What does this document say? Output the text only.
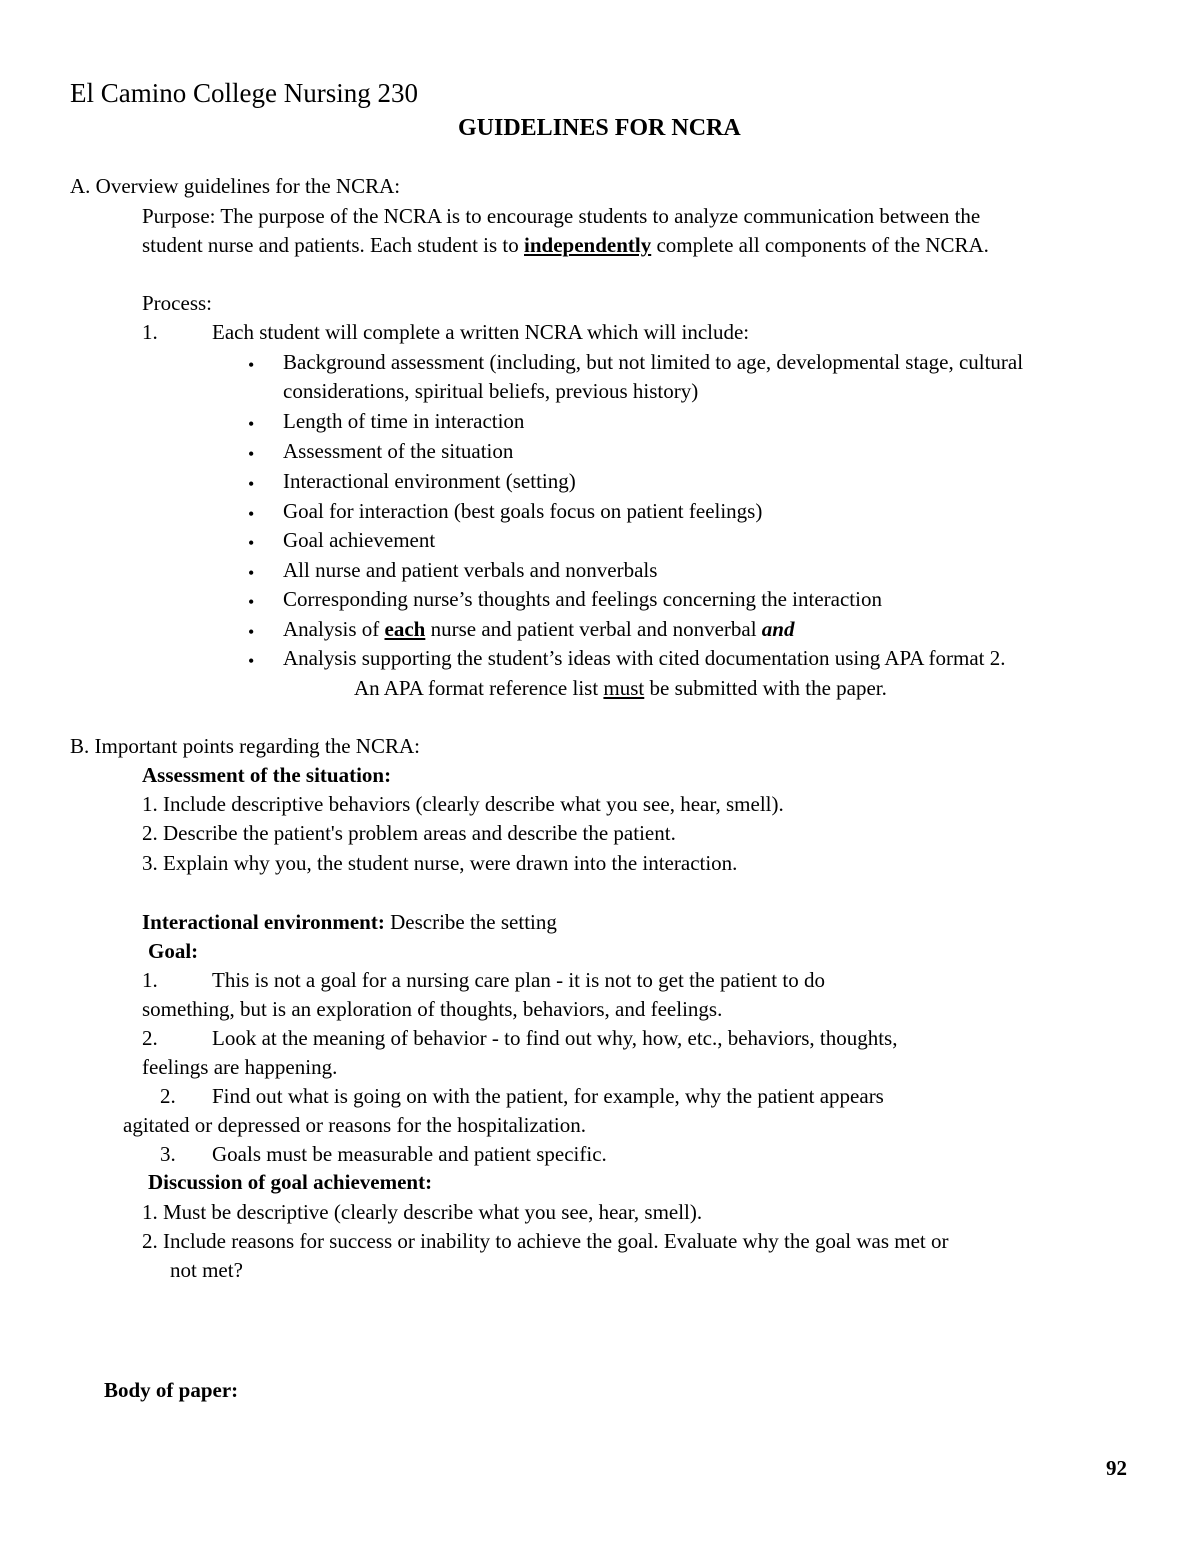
El Camino College Nursing 230
GUIDELINES FOR NCRA
A. Overview guidelines for the NCRA:
Purpose: The purpose of the NCRA is to encourage students to analyze communication between the
student nurse and patients. Each student is to independently complete all components of the NCRA.
Process:
1.	Each student will complete a written NCRA which will include:
• Background assessment (including, but not limited to age, developmental stage, cultural
considerations, spiritual beliefs, previous history)
• Length of time in interaction
• Assessment of the situation
• Interactional environment (setting)
• Goal for interaction (best goals focus on patient feelings)
• Goal achievement
• All nurse and patient verbals and nonverbals
• Corresponding nurse’s thoughts and feelings concerning the interaction
• Analysis of each nurse and patient verbal and nonverbal and
• Analysis supporting the student’s ideas with cited documentation using APA format 2.
An APA format reference list must be submitted with the paper.
B. Important points regarding the NCRA:
Assessment of the situation:
1. Include descriptive behaviors (clearly describe what you see, hear, smell).
2. Describe the patient's problem areas and describe the patient.
3. Explain why you, the student nurse, were drawn into the interaction.
Interactional environment: Describe the setting
Goal:
1.	This is not a goal for a nursing care plan - it is not to get the patient to do
something, but is an exploration of thoughts, behaviors, and feelings.
2.	Look at the meaning of behavior - to find out why, how, etc., behaviors, thoughts,
feelings are happening.
2. Find out what is going on with the patient, for example, why the patient appears
agitated or depressed or reasons for the hospitalization.
3. Goals must be measurable and patient specific.
Discussion of goal achievement:
1. Must be descriptive (clearly describe what you see, hear, smell).
2. Include reasons for success or inability to achieve the goal. Evaluate why the goal was met or
not met?
Body of paper:
92
